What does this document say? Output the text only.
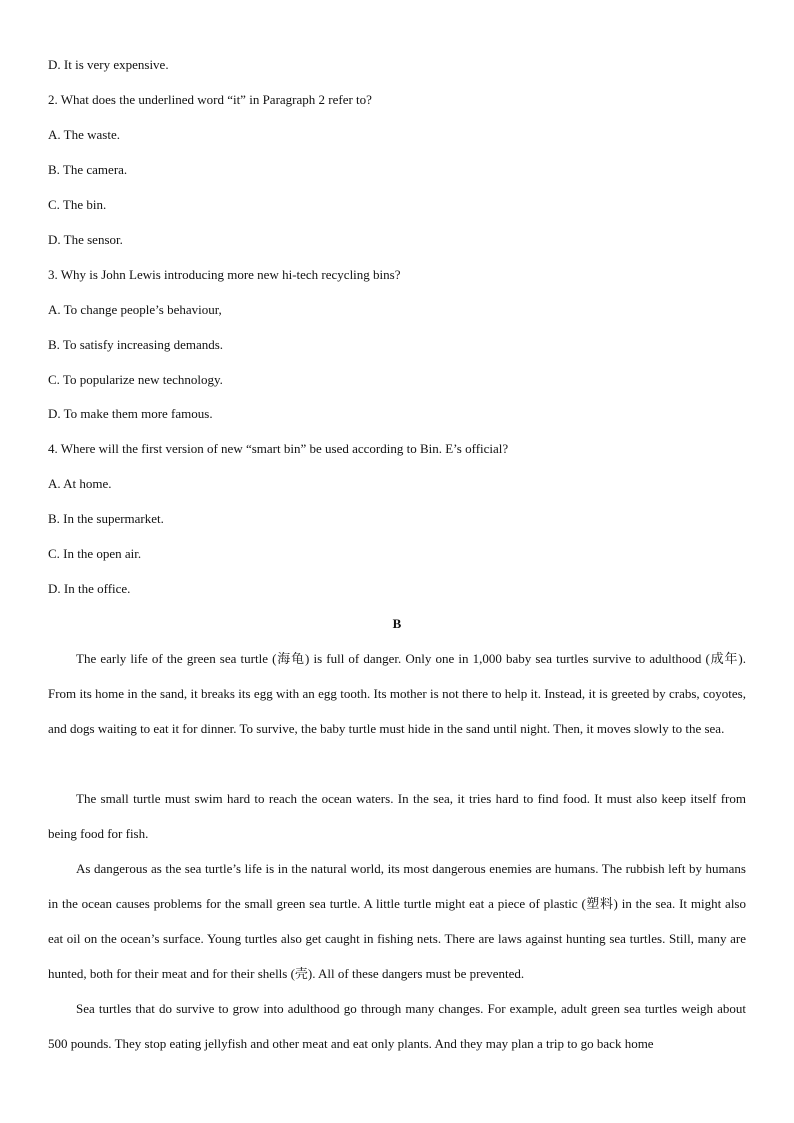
D. It is very expensive.
2. What does the underlined word “it” in Paragraph 2 refer to?
A. The waste.
B. The camera.
C. The bin.
D. The sensor.
3. Why is John Lewis introducing more new hi-tech recycling bins?
A. To change people’s behaviour,
B. To satisfy increasing demands.
C. To popularize new technology.
D. To make them more famous.
4. Where will the first version of new “smart bin” be used according to Bin. E’s official?
A. At home.
B. In the supermarket.
C. In the open air.
D. In the office.
B

The early life of the green sea turtle (海龟) is full of danger. Only one in 1,000 baby sea turtles survive to adulthood (成年). From its home in the sand, it breaks its egg with an egg tooth. Its mother is not there to help it. Instead, it is greeted by crabs, coyotes, and dogs waiting to eat it for dinner. To survive, the baby turtle must hide in the sand until night. Then, it moves slowly to the sea.

The small turtle must swim hard to reach the ocean waters. In the sea, it tries hard to find food. It must also keep itself from being food for fish.

As dangerous as the sea turtle’s life is in the natural world, its most dangerous enemies are humans. The rubbish left by humans in the ocean causes problems for the small green sea turtle. A little turtle might eat a piece of plastic (塑料) in the sea. It might also eat oil on the ocean’s surface. Young turtles also get caught in fishing nets. There are laws against hunting sea turtles. Still, many are hunted, both for their meat and for their shells (壳). All of these dangers must be prevented.

Sea turtles that do survive to grow into adulthood go through many changes. For example, adult green sea turtles weigh about 500 pounds. They stop eating jellyfish and other meat and eat only plants. And they may plan a trip to go back home
